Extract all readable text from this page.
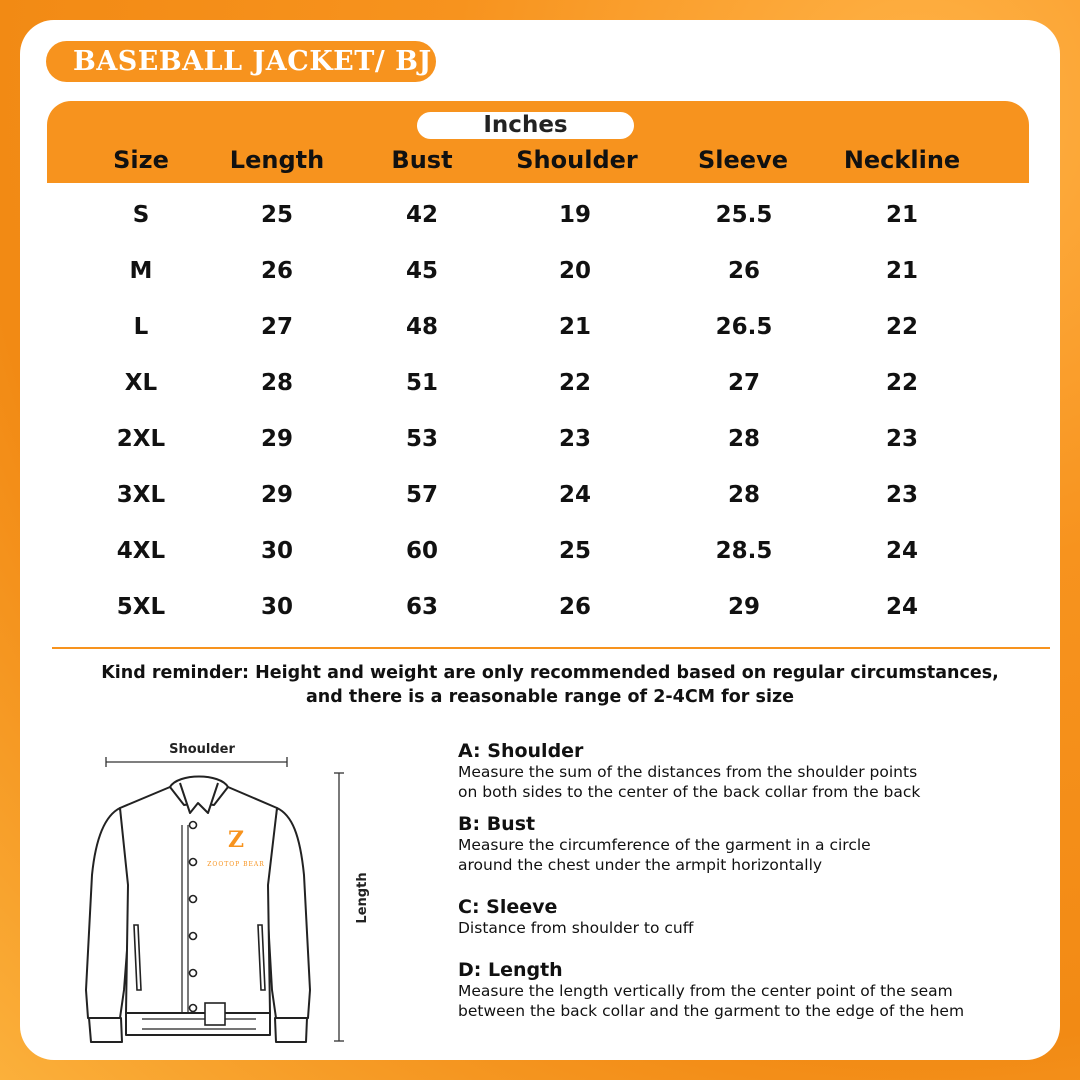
BASEBALL JACKET/ BJ
Inches
Size	Length	Bust	Shoulder	Sleeve	Neckline
S	25	42	19	25.5	21
M	26	45	20	26	21
L	27	48	21	26.5	22
XL	28	51	22	27	22
2XL	29	53	23	28	23
3XL	29	57	24	28	23
4XL	30	60	25	28.5	24
5XL	30	63	26	29	24
Kind reminder: Height and weight are only recommended based on regular circumstances,
and there is a reasonable range of 2-4CM for size
Shoulder
Length
Z
ZOOTOP BEAR
A: Shoulder
Measure the sum of the distances from the shoulder points
on both sides to the center of the back collar from the back
B: Bust
Measure the circumference of the garment in a circle
around the chest under the armpit horizontally
C: Sleeve
Distance from shoulder to cuff
D: Length
Measure the length vertically from the center point of the seam
between the back collar and the garment to the edge of the hem
